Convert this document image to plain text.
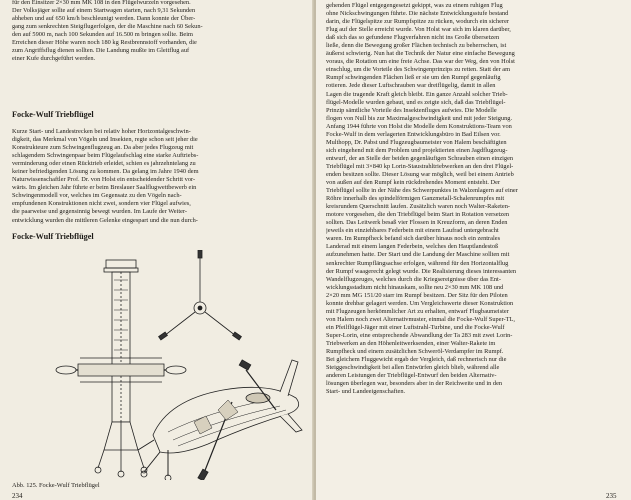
für den Einsitzer 2×30 mm MK 108 in den Flügelwurzeln vorgesehen.

Der Volksjäger sollte auf einem Startwagen starten, nach 9,31 Sekunden

abheben und auf 650 km/h beschleunigt werden. Dann konnte der Über-

gang zum senkrechten Steigflugerfolgen, der die Maschine nach 60 Sekun-

den auf 5900 m, nach 100 Sekunden auf 16.500 m bringen sollte. Beim

Erreichen dieser Höhe waren noch 180 kg Restbrennstoff vorhanden, die

zum Angriffsflug dienen sollten. Die Landung mußte im Gleitflug auf

einer Kufe durchgeführt werden.

Focke-Wulf Triebflügel

Kurze Start- und Landestrecken bei relativ hoher Horizontalgeschwin-

digkeit, das Merkmal von Vögeln und Insekten, regte schon seit jeher die

Konstrukteure zum Schwingenflugzeug an. Da aber jedes Flugzeug mit

schlagendem Schwingenpaar beim Flügelaufschlag eine starke Auftriebs-

verminderung oder einen Rücktrieb erleidet, schien es jahrzehntelang zu

keiner befriedigenden Lösung zu kommen. Da gelang im Jahre 1940 dem

Naturwissenschaftler Prof. Dr. von Holst ein entscheidender Schritt vor-

wärts. Im gleichen Jahr führte er beim Breslauer Saalflugwettbewerb ein

Schwingenmodell vor, welches im Gegensatz zu den Vögeln nach-

empfundenen Konstruktionen nicht zwei, sondern vier Flügel aufwies,

die paarweise und gegensinnig bewegt wurden. Im Laufe der Weiter-

entwicklung wurden die mittleren Gelenke eingespart und die nun durch-

Focke-Wulf Triebflügel
Abb. 125. Focke-Wulf Triebflügel
234

gehenden Flügel entgegengesetzt gekippt, was zu einem ruhigen Flug

ohne Nickschwingungen führte. Die nächste Entwicklungsstufe bestand

darin, die Flügelspitze zur Rumpfspitze zu rücken, wodurch ein sicherer

Flug auf der Stelle erreicht wurde. Von Holst war sich im klaren darüber,

daß sich das so gefundene Flugverfahren nicht ins Große übersetzen

ließe, denn die Bewegung großer Flächen technisch zu beherrschen, ist

äußerst schwierig. Nun hat die Technik der Natur eine einfache Bewegung

voraus, die Rotation um eine freie Achse. Das war der Weg, den von Holst

einschlug, um die Vorteile des Schwingenprinzips zu retten. Statt der am

Rumpf schwingenden Flächen ließ er sie um den Rumpf gegenläufig

rotieren. Jede dieser Luftschrauben war dreiflügelig, damit in allen

Lagen die tragende Kraft gleich bleibt. Ein ganze Anzahl solcher Trieb-

flügel-Modelle wurden gebaut, und es zeigte sich, daß das Triebflügel-

Prinzip sämtliche Vorteile des Insektenfluges aufwies. Die Modelle

flogen von Null bis zur Maximalgeschwindigkeit und mit jeder Steigung.

Anfang 1944 führte von Holst die Modelle dem Konstruktions-Team von

Focke-Wulf in dem verlagerten Entwicklungsbüro in Bad Eilsen vor.

Multhopp, Dr. Pabst und Flugzeugbaumeister von Halem beschäftigten

sich eingehend mit dem Problem und projektierten einen Jagdflugzeug-

entwurf, der an Stelle der beiden gegenläufigen Schrauben einen einzigen

Triebflügel mit 3×840 kp Lorin-Staustrahltriebwerken an den drei Flügel-

enden besitzen sollte. Dieser Lösung war möglich, weil bei einem Antrieb

von außen auf den Rumpf kein rückdrehendes Moment entsteht. Der

Triebflügel sollte in der Nähe des Schwerpunktes in Walzenlagern auf einer

Röhre innerhalb des spindelförmigen Ganzmetall-Schalenrumpfes mit

kreisrundem Querschnitt laufen. Zusätzlich waren noch Walter-Raketen-

motore vorgesehen, die den Triebflügel beim Start in Rotation versetzen

sollten. Das Leitwerk besaß vier Flossen in Kreuzform, an deren Enden

jeweils ein einziehbares Federbein mit einem Laufrad untergebracht

waren. Im Rumpfheck befand sich darüber hinaus noch ein zentrales

Landerad mit einem langen Federbein, welches den Hauptlandestoß

aufzunehmen hatte. Der Start und die Landung der Maschine sollten mit

senkrechter Rumpflängsachse erfolgen, während für den Horizontalflug

der Rumpf waagerecht gelegt wurde. Die Realisierung dieses interessanten

Wandelflugzeuges, welches durch die Kriegsereignisse über das Ent-

wicklungsstadium nicht hinauskam, sollte neu 2×30 mm MK 108 und

2×20 mm MG 151/20 starr im Rumpf besitzen. Der Sitz für den Piloten

konnte drehbar gelagert werden. Um Vergleichswerte dieser Konstruktion

mit Flugzeugen herkömmlicher Art zu erhalten, entwarf Flugbaumeister

von Halem noch zwei Alternativmuster, einmal die Focke-Wulf Super-TL,

ein Pfeilflügel-Jäger mit einer Luftstrahl-Turbine, und die Focke-Wulf

Super-Lorin, eine entsprechende Abwandlung der Ta 283 mit zwei Lorin-

Triebwerken an den Höhenleitwerksenden, einer Walter-Rakete im

Rumpfheck und einem zusätzlichen Schweröl-Verdampfer im Rumpf.

Bei gleichem Fluggewicht ergab der Vergleich, daß rechnerisch nur die

Steiggeschwindigkeit bei allen Entwürfen gleich blieb, während alle

anderen Leistungen der Triebflügel-Entwurf den beiden Alternativ-

lösungen überlegen war, besonders aber in der Reichweite und in den

Start- und Landeeigenschaften.

235
